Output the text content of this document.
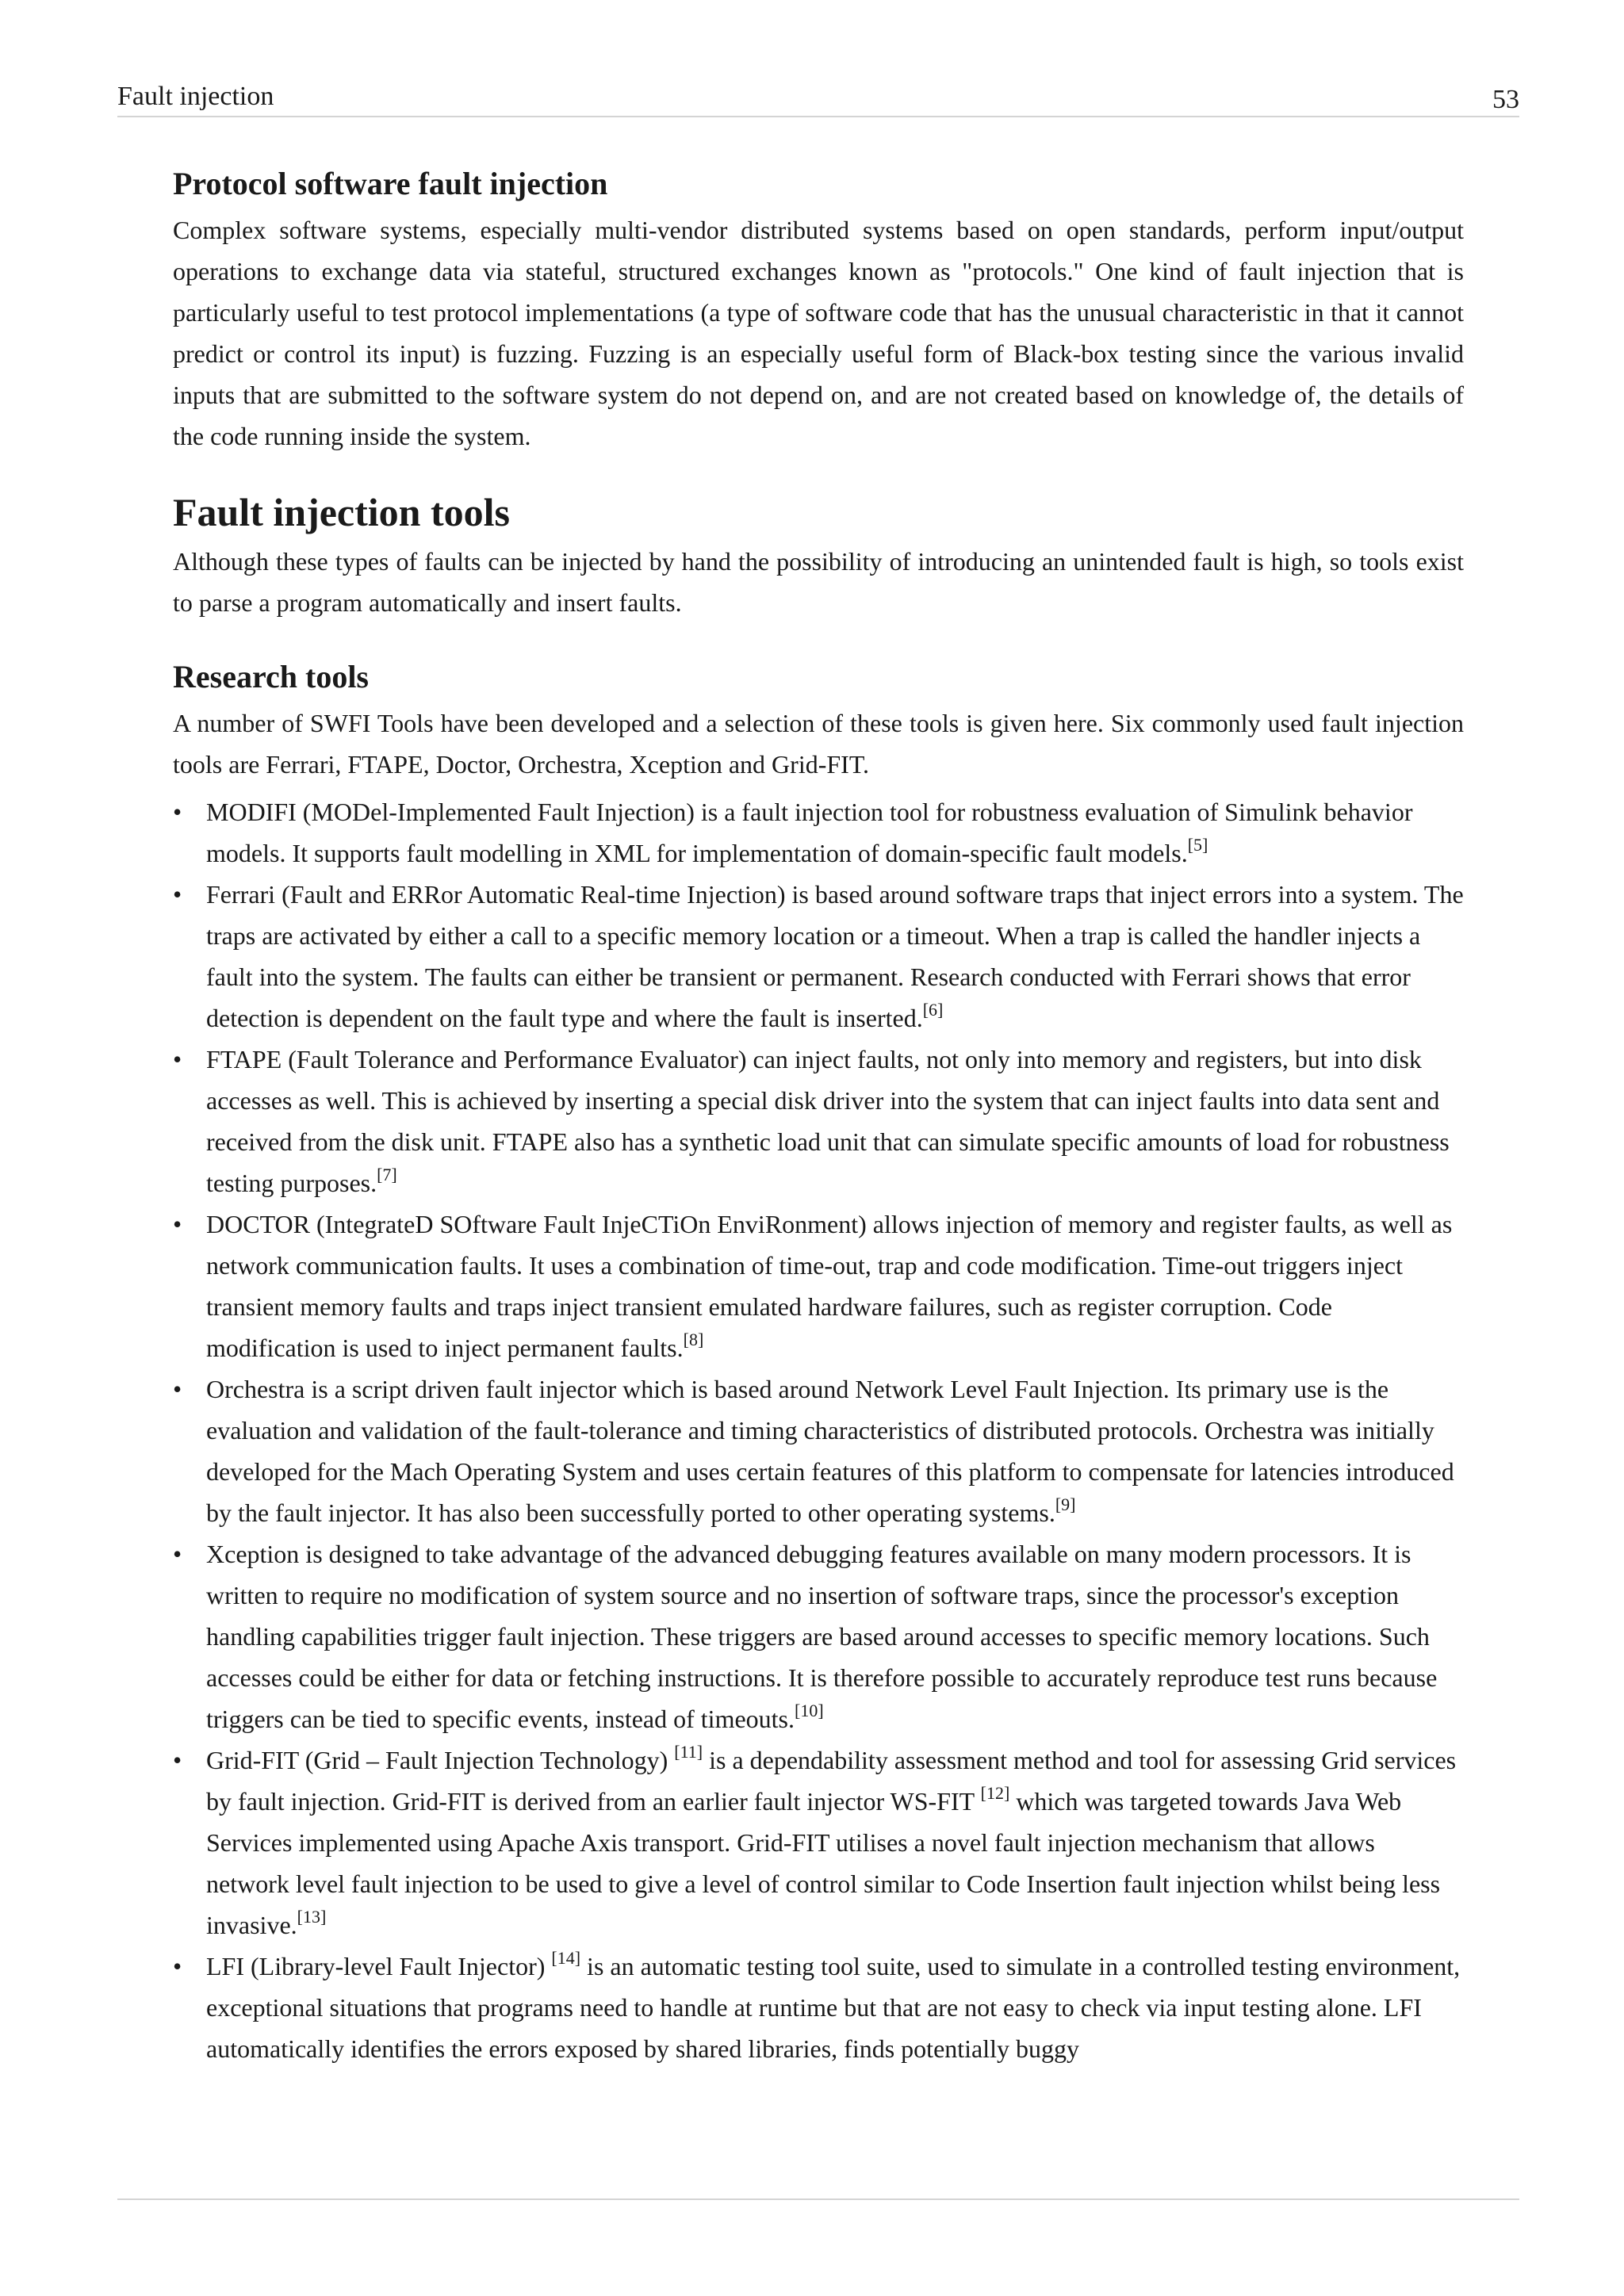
Fault injection	53
Protocol software fault injection

Complex software systems, especially multi-vendor distributed systems based on open standards, perform input/output operations to exchange data via stateful, structured exchanges known as "protocols." One kind of fault injection that is particularly useful to test protocol implementations (a type of software code that has the unusual characteristic in that it cannot predict or control its input) is fuzzing. Fuzzing is an especially useful form of Black-box testing since the various invalid inputs that are submitted to the software system do not depend on, and are not created based on knowledge of, the details of the code running inside the system.

Fault injection tools

Although these types of faults can be injected by hand the possibility of introducing an unintended fault is high, so tools exist to parse a program automatically and insert faults.

Research tools

A number of SWFI Tools have been developed and a selection of these tools is given here. Six commonly used fault injection tools are Ferrari, FTAPE, Doctor, Orchestra, Xception and Grid-FIT.

• MODIFI (MODel-Implemented Fault Injection) is a fault injection tool for robustness evaluation of Simulink behavior models. It supports fault modelling in XML for implementation of domain-specific fault models.[5]
• Ferrari (Fault and ERRor Automatic Real-time Injection) is based around software traps that inject errors into a system. The traps are activated by either a call to a specific memory location or a timeout. When a trap is called the handler injects a fault into the system. The faults can either be transient or permanent. Research conducted with Ferrari shows that error detection is dependent on the fault type and where the fault is inserted.[6]
• FTAPE (Fault Tolerance and Performance Evaluator) can inject faults, not only into memory and registers, but into disk accesses as well. This is achieved by inserting a special disk driver into the system that can inject faults into data sent and received from the disk unit. FTAPE also has a synthetic load unit that can simulate specific amounts of load for robustness testing purposes.[7]
• DOCTOR (IntegrateD SOftware Fault InjeCTiOn EnviRonment) allows injection of memory and register faults, as well as network communication faults. It uses a combination of time-out, trap and code modification. Time-out triggers inject transient memory faults and traps inject transient emulated hardware failures, such as register corruption. Code modification is used to inject permanent faults.[8]
• Orchestra is a script driven fault injector which is based around Network Level Fault Injection. Its primary use is the evaluation and validation of the fault-tolerance and timing characteristics of distributed protocols. Orchestra was initially developed for the Mach Operating System and uses certain features of this platform to compensate for latencies introduced by the fault injector. It has also been successfully ported to other operating systems.[9]
• Xception is designed to take advantage of the advanced debugging features available on many modern processors. It is written to require no modification of system source and no insertion of software traps, since the processor's exception handling capabilities trigger fault injection. These triggers are based around accesses to specific memory locations. Such accesses could be either for data or fetching instructions. It is therefore possible to accurately reproduce test runs because triggers can be tied to specific events, instead of timeouts.[10]
• Grid-FIT (Grid – Fault Injection Technology) [11] is a dependability assessment method and tool for assessing Grid services by fault injection. Grid-FIT is derived from an earlier fault injector WS-FIT [12] which was targeted towards Java Web Services implemented using Apache Axis transport. Grid-FIT utilises a novel fault injection mechanism that allows network level fault injection to be used to give a level of control similar to Code Insertion fault injection whilst being less invasive.[13]
• LFI (Library-level Fault Injector) [14] is an automatic testing tool suite, used to simulate in a controlled testing environment, exceptional situations that programs need to handle at runtime but that are not easy to check via input testing alone. LFI automatically identifies the errors exposed by shared libraries, finds potentially buggy
